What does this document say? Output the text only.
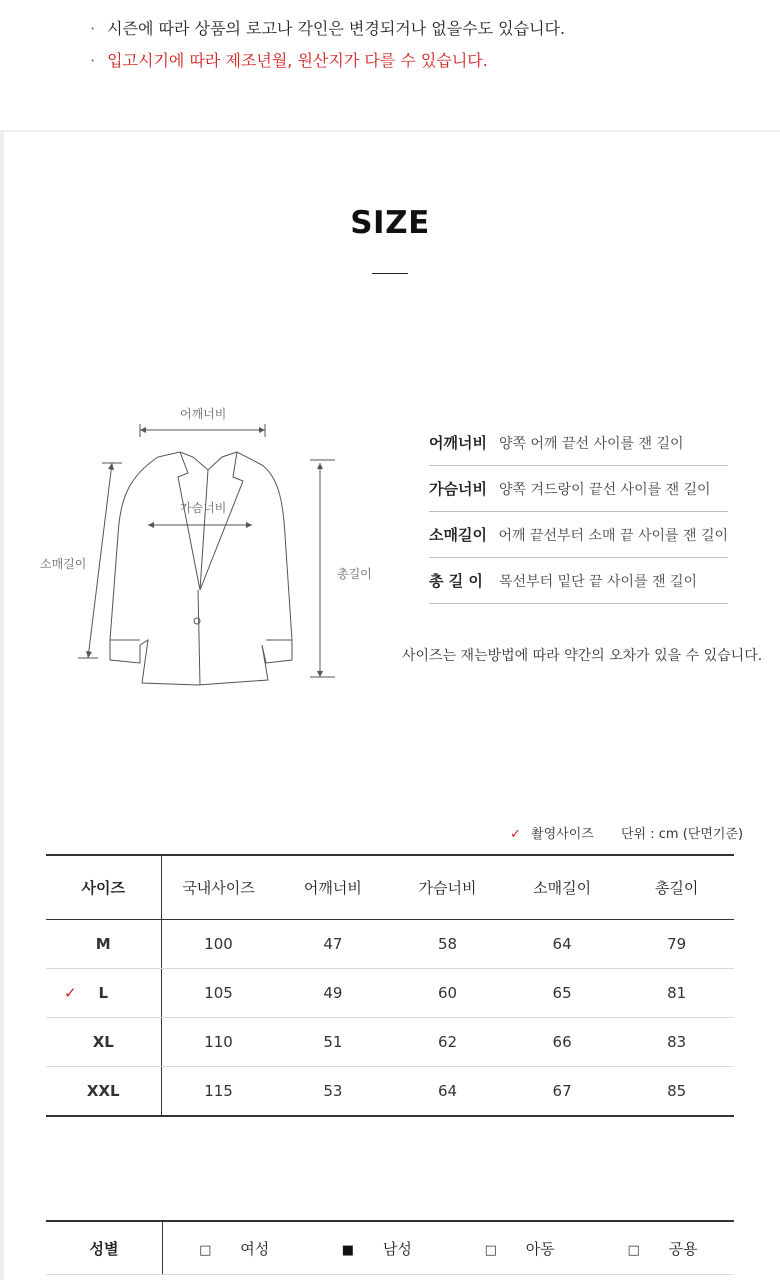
· 시즌에 따라 상품의 로고나 각인은 변경되거나 없을수도 있습니다.
· 입고시기에 따라 제조년월, 원산지가 다를 수 있습니다.
SIZE
어깨너비
가슴너비
소매길이
총길이
어깨너비 양쪽 어깨 끝선 사이를 잰 길이
가슴너비 양쪽 겨드랑이 끝선 사이를 잰 길이
소매길이 어깨 끝선부터 소매 끝 사이를 잰 길이
총 길 이	목선부터 밑단 끝 사이를 잰 길이
사이즈는 재는방법에 따라 약간의 오차가 있을 수 있습니다.
✓ 촬영사이즈 단위 : cm (단면기준)
사이즈	국내사이즈	어깨너비	가슴너비	소매길이	총길이
M	100	47	58	64	79

✓ L	105	49	60	65	81
XL	110	51	62	66	83
XXL	115	53	64	67	85
성별	□ 여성	■ 남성	□ 아동	□ 공용
